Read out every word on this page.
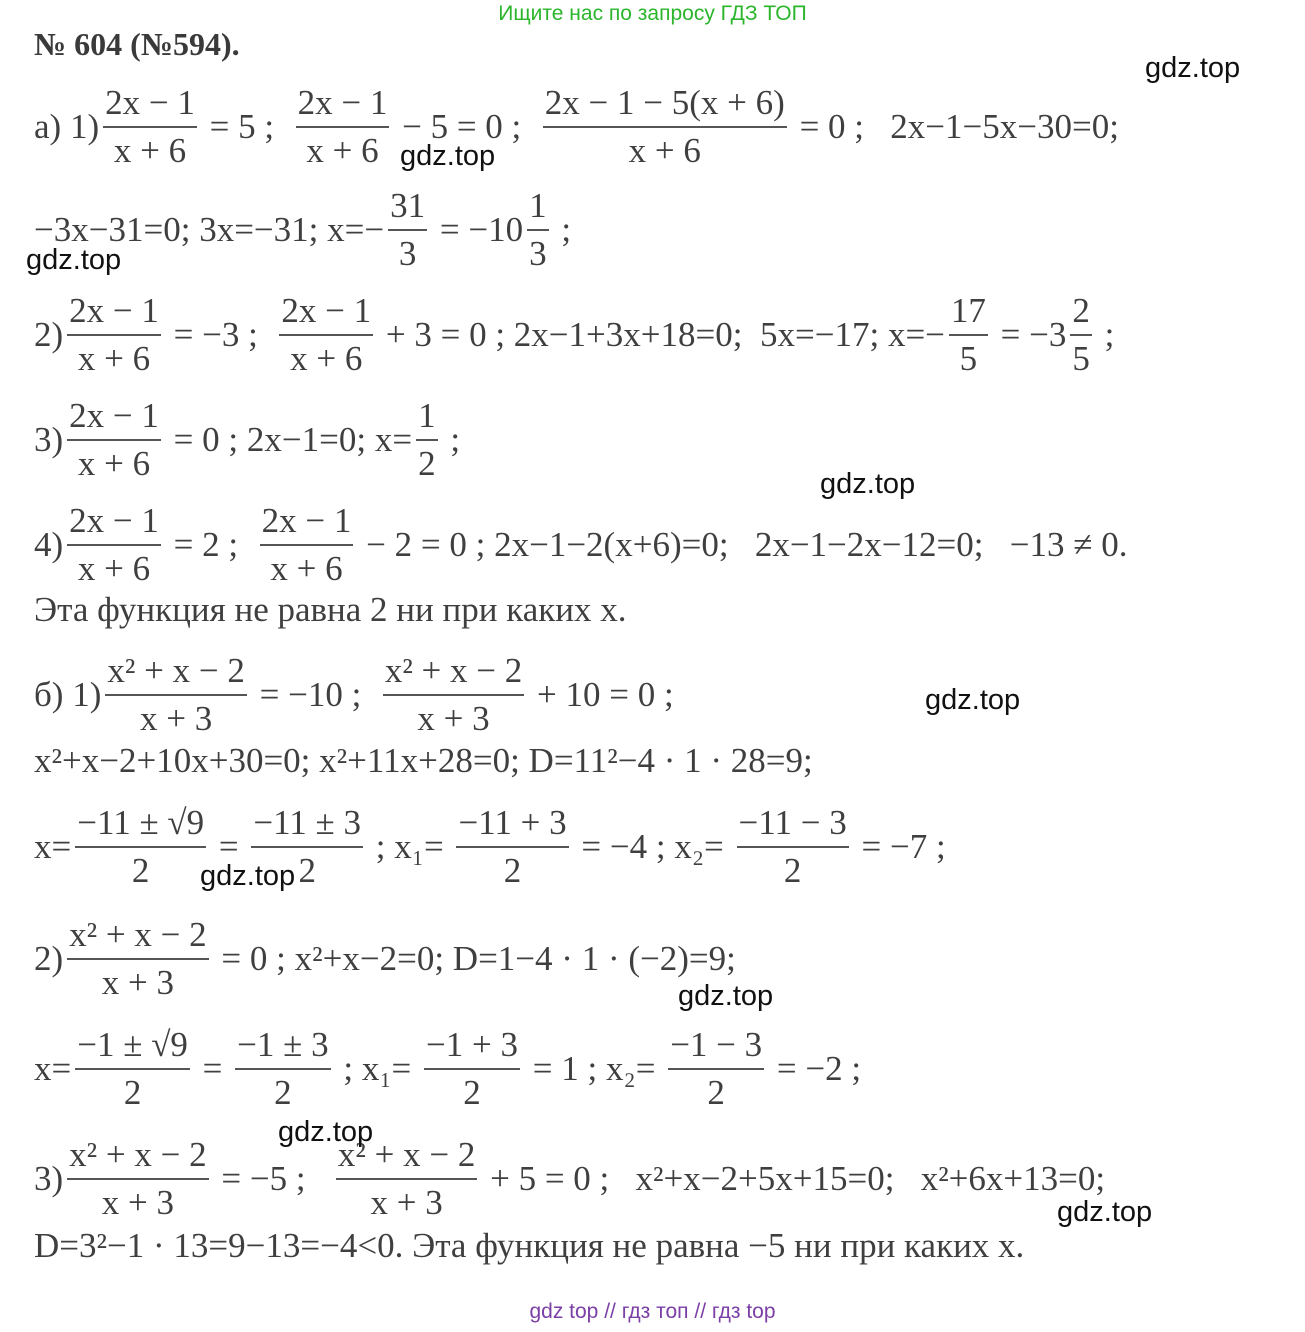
Ищите нас по запросу ГДЗ ТОП
№ 604 (№594).
а) $1) \frac{2x - 1}{x + 6} = 5$ ; $\frac{2x - 1}{x + 6} - 5 = 0$ ; $\frac{2x - 1 - 5(x + 6)}{x + 6} = 0$ ;   2x−1−5x−30=0;
−3x−31=0; 3x=−31; $x=- \frac{31}{3} = -10 \frac{1}{3}$ ;
$2) \frac{2x - 1}{x + 6} = -3$ ; $\frac{2x - 1}{x + 6} + 3 = 0$ ; 2x−1+3x+18=0;  5x=−17; $x=- \frac{17}{5} = -3 \frac{2}{5}$ ;
$3) \frac{2x - 1}{x + 6} = 0$ ; 2x−1=0; $x= \frac{1}{2}$ ;
$4) \frac{2x - 1}{x + 6} = 2$ ; $\frac{2x - 1}{x + 6} - 2 = 0$ ; 2x−1−2(x+6)=0;   2x−1−2x−12=0;   −13 ≠ 0.
Эта функция не равна 2 ни при каких x.
б) $1) \frac{\text{x² + x − 2}}{x + 3} = -10$ ; $\frac{\text{x² + x − 2}}{x + 3} + 10 = 0$ ;
x²+x−2+10x+30=0; x²+11x+28=0; D=11²−4 · 1 · 28=9;
$x= \frac{-11 \pm √9}{2} = \frac{-11 \pm 3}{2}$ ; $x_1= \frac{-11 + 3}{2} = -4$ ; $x_2= \frac{-11 - 3}{2} = -7$ ;
$2) \frac{\text{x² + x − 2}}{x + 3} = 0$ ; x²+x−2=0; D=1−4 · 1 · (−2)=9;
$x= \frac{-1 \pm √9}{2} = \frac{-1 \pm 3}{2}$ ; $x_1= \frac{-1 + 3}{2} = 1$ ; $x_2= \frac{-1 - 3}{2} = -2$ ;
$3) \frac{\text{x² + x − 2}}{x + 3} = -5$ ; $\frac{\text{x² + x − 2}}{x + 3} + 5 = 0$ ;   x²+x−2+5x+15=0;   x²+6x+13=0;
D=3²−1 · 13=9−13=−4<0. Эта функция не равна −5 ни при каких x.
gdz.top
gdz.top
gdz.top
gdz.top
gdz.top
gdz.top
gdz.top
gdz.top
gdz.top
gdz top // гдз топ // гдз top
